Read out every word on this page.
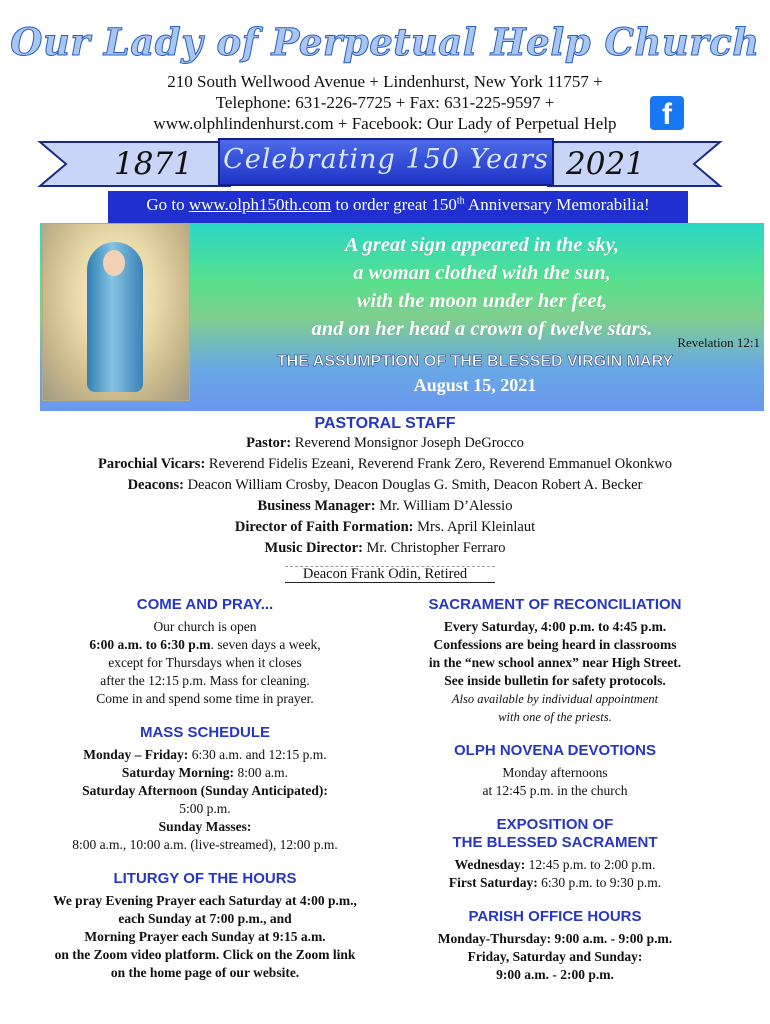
Our Lady of Perpetual Help Church
210 South Wellwood Avenue + Lindenhurst, New York 11757 +
Telephone: 631-226-7725 + Fax: 631-225-9597 +
www.olphlindenhurst.com + Facebook: Our Lady of Perpetual Help	f
Go to www.olph150th.com to order great 150th Anniversary Memorabilia!
1871 Celebrating 150 Years 2021
A great sign appeared in the sky,
a woman clothed with the sun,
with the moon under her feet,
and on her head a crown of twelve stars.
Revelation 12:1
THE ASSUMPTION OF THE BLESSED VIRGIN MARY
August 15, 2021
PASTORAL STAFF
Pastor: Reverend Monsignor Joseph DeGrocco
Parochial Vicars: Reverend Fidelis Ezeani, Reverend Frank Zero, Reverend Emmanuel Okonkwo
Deacons: Deacon William Crosby, Deacon Douglas G. Smith, Deacon Robert A. Becker
Business Manager: Mr. William D’Alessio
Director of Faith Formation: Mrs. April Kleinlaut
Music Director: Mr. Christopher Ferraro
Deacon Frank Odin, Retired
COME AND PRAY...
Our church is open
6:00 a.m. to 6:30 p.m. seven days a week,
except for Thursdays when it closes
after the 12:15 p.m. Mass for cleaning.
Come in and spend some time in prayer.
MASS SCHEDULE
Monday – Friday: 6:30 a.m. and 12:15 p.m.
Saturday Morning: 8:00 a.m.
Saturday Afternoon (Sunday Anticipated):
5:00 p.m.
Sunday Masses:
8:00 a.m., 10:00 a.m. (live-streamed), 12:00 p.m.
LITURGY OF THE HOURS
We pray Evening Prayer each Saturday at 4:00 p.m.,
each Sunday at 7:00 p.m., and
Morning Prayer each Sunday at 9:15 a.m.
on the Zoom video platform. Click on the Zoom link
on the home page of our website.
SACRAMENT OF RECONCILIATION
Every Saturday, 4:00 p.m. to 4:45 p.m.
Confessions are being heard in classrooms
in the “new school annex” near High Street.
See inside bulletin for safety protocols.
Also available by individual appointment
with one of the priests.
OLPH NOVENA DEVOTIONS
Monday afternoons
at 12:45 p.m. in the church
EXPOSITION OF
THE BLESSED SACRAMENT
Wednesday: 12:45 p.m. to 2:00 p.m.
First Saturday: 6:30 p.m. to 9:30 p.m.
PARISH OFFICE HOURS
Monday-Thursday: 9:00 a.m. - 9:00 p.m.
Friday, Saturday and Sunday:
9:00 a.m. - 2:00 p.m.
